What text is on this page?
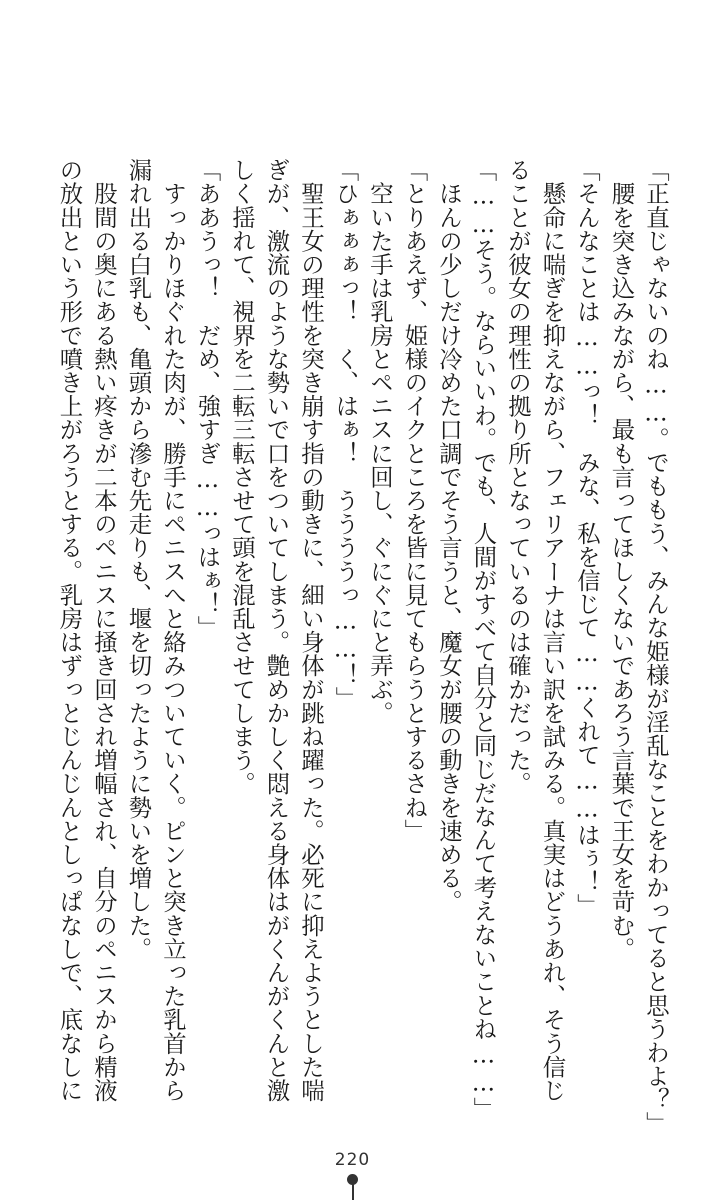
「正直じゃないのね……。でももう、みんな姫様が淫乱なことをわかってると思うわよ？」
　腰を突き込みながら、最も言ってほしくないであろう言葉で王女を苛む。
「そんなことは……っ！　みな、私を信じて……くれて……はぅ！」
　懸命に喘ぎを抑えながら、フェリアーナは言い訳を試みる。真実はどうあれ、そう信じ
ることが彼女の理性の拠り所となっているのは確かだった。
「……そう。ならいいわ。でも、人間がすべて自分と同じだなんて考えないことね……」
　ほんの少しだけ冷めた口調でそう言うと、魔女が腰の動きを速める。
「とりあえず、姫様のイクところを皆に見てもらうとするさね」
　空いた手は乳房とペニスに回し、ぐにぐにと弄ぶ。
「ひぁぁぁっ！　く、はぁ！　ううううっ……！」
　聖王女の理性を突き崩す指の動きに、細い身体が跳ね躍った。必死に抑えようとした喘
ぎが、激流のような勢いで口をついてしまう。艶めかしく悶える身体はがくんがくんと激
しく揺れて、視界を二転三転させて頭を混乱させてしまう。
「ああうっ！　だめ、強すぎ……っはぁ！」
　すっかりほぐれた肉が、勝手にペニスへと絡みついていく。ピンと突き立った乳首から
漏れ出る白乳も、亀頭から滲む先走りも、堰を切ったように勢いを増した。
　股間の奥にある熱い疼きが二本のペニスに掻き回され増幅され、自分のペニスから精液
の放出という形で噴き上がろうとする。乳房はずっとじんじんとしっぱなしで、底なしに
220
